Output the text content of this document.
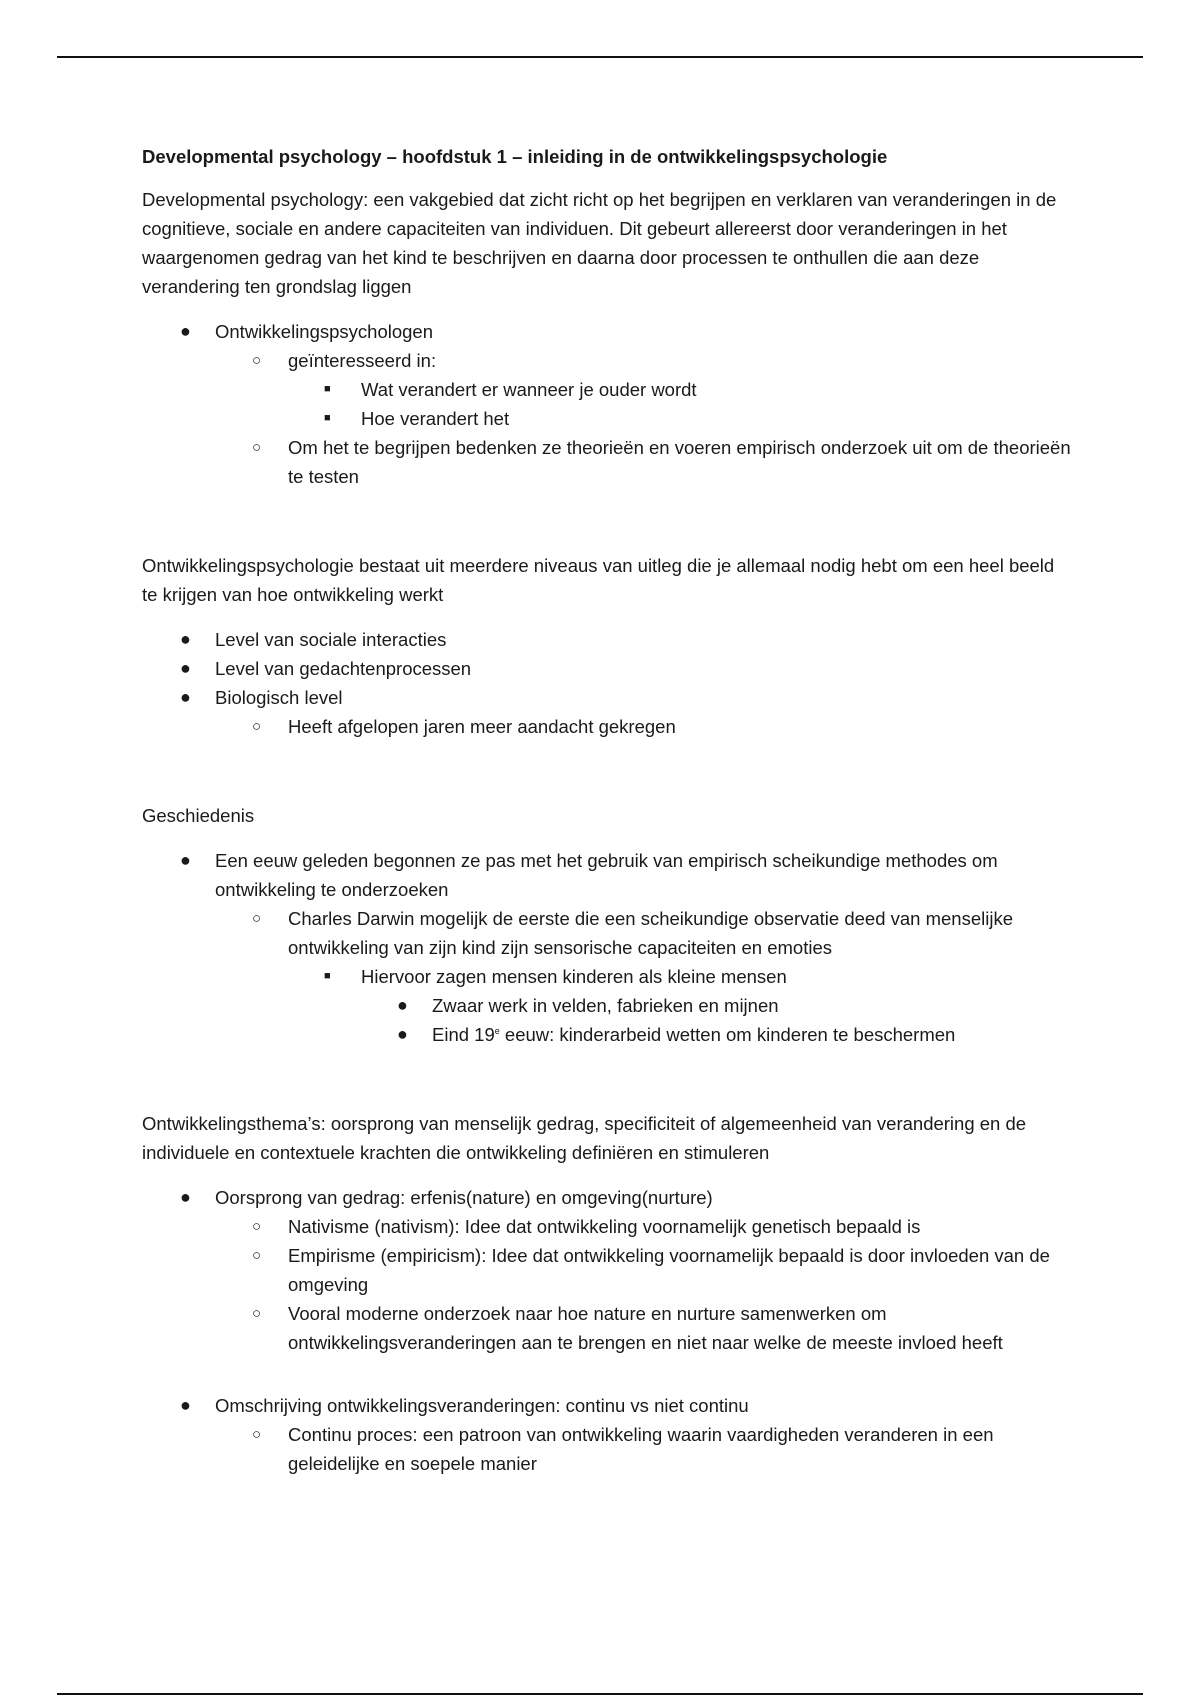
Developmental psychology – hoofdstuk 1 – inleiding in de ontwikkelingspsychologie

Developmental psychology: een vakgebied dat zicht richt op het begrijpen en verklaren van veranderingen in de cognitieve, sociale en andere capaciteiten van individuen. Dit gebeurt allereerst door veranderingen in het waargenomen gedrag van het kind te beschrijven en daarna door processen te onthullen die aan deze verandering ten grondslag liggen

●	Ontwikkelingspsychologen
○	geïnteresseerd in:
■	Wat verandert er wanneer je ouder wordt
■	Hoe verandert het
○	Om het te begrijpen bedenken ze theorieën en voeren empirisch onderzoek uit om de theorieën te testen

Ontwikkelingspsychologie bestaat uit meerdere niveaus van uitleg die je allemaal nodig hebt om een heel beeld te krijgen van hoe ontwikkeling werkt

●	Level van sociale interacties
●	Level van gedachtenprocessen
●	Biologisch level
○	Heeft afgelopen jaren meer aandacht gekregen

Geschiedenis

●	Een eeuw geleden begonnen ze pas met het gebruik van empirisch scheikundige methodes om ontwikkeling te onderzoeken
○	Charles Darwin mogelijk de eerste die een scheikundige observatie deed van menselijke ontwikkeling van zijn kind zijn sensorische capaciteiten en emoties
■	Hiervoor zagen mensen kinderen als kleine mensen
●	Zwaar werk in velden, fabrieken en mijnen
●	Eind 19e eeuw: kinderarbeid wetten om kinderen te beschermen

Ontwikkelingsthema’s: oorsprong van menselijk gedrag, specificiteit of algemeenheid van verandering en de individuele en contextuele krachten die ontwikkeling definiëren en stimuleren

●	Oorsprong van gedrag: erfenis(nature) en omgeving(nurture)
○	Nativisme (nativism): Idee dat ontwikkeling voornamelijk genetisch bepaald is
○	Empirisme (empiricism): Idee dat ontwikkeling voornamelijk bepaald is door invloeden van de omgeving
○	Vooral moderne onderzoek naar hoe nature en nurture samenwerken om ontwikkelingsveranderingen aan te brengen en niet naar welke de meeste invloed heeft
●	Omschrijving ontwikkelingsveranderingen: continu vs niet continu
○	Continu proces: een patroon van ontwikkeling waarin vaardigheden veranderen in een geleidelijke en soepele manier
